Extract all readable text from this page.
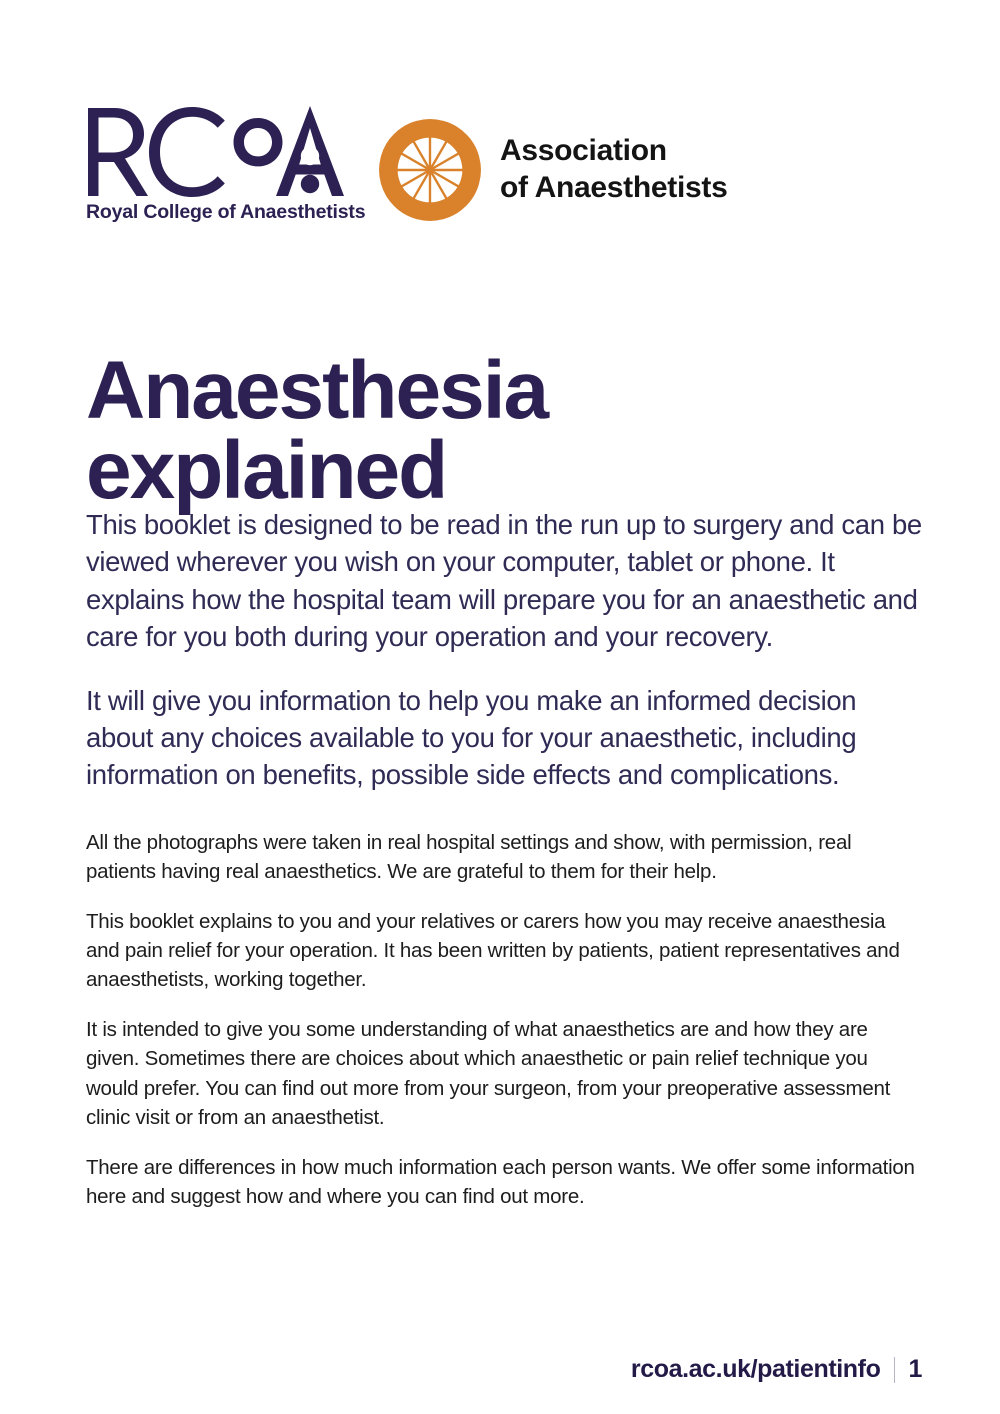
Royal College of Anaesthetists
Association
of Anaesthetists
Anaesthesia
explained

This booklet is designed to be read in the run up to surgery and can be viewed wherever you wish on your computer, tablet or phone. It explains how the hospital team will prepare you for an anaesthetic and care for you both during your operation and your recovery.

It will give you information to help you make an informed decision about any choices available to you for your anaesthetic, including information on benefits, possible side effects and complications.

All the photographs were taken in real hospital settings and show, with permission, real patients having real anaesthetics. We are grateful to them for their help.

This booklet explains to you and your relatives or carers how you may receive anaesthesia and pain relief for your operation. It has been written by patients, patient representatives and anaesthetists, working together.

It is intended to give you some understanding of what anaesthetics are and how they are given. Sometimes there are choices about which anaesthetic or pain relief technique you would prefer. You can find out more from your surgeon, from your preoperative assessment clinic visit or from an anaesthetist.

There are differences in how much information each person wants. We offer some information here and suggest how and where you can find out more.

rcoa.ac.uk/patientinfo 1
